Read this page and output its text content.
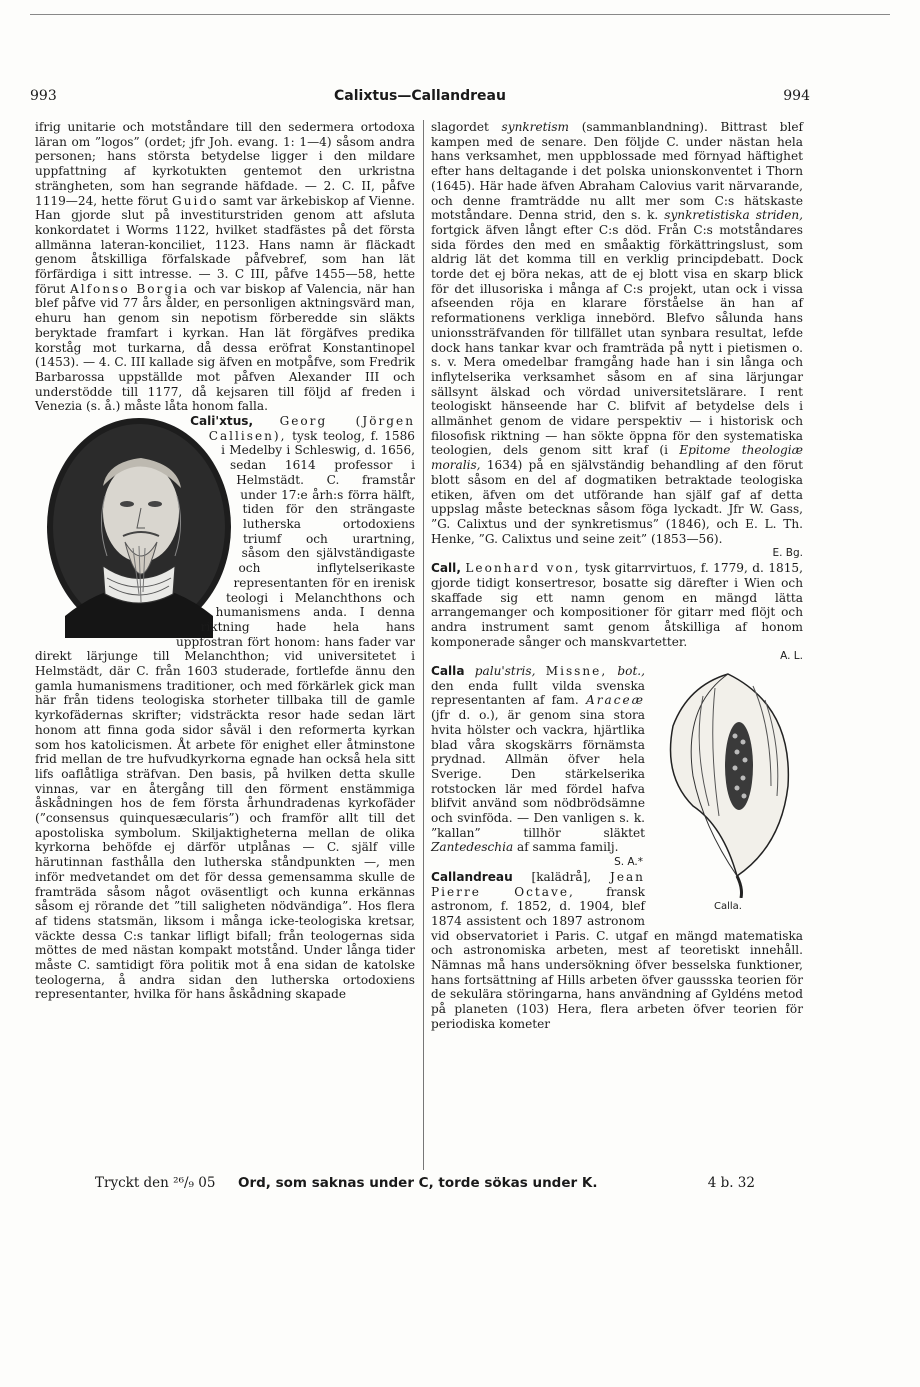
993	Calixtus—Callandreau	994

ifrig unitarie och motståndare till den sedermera ortodoxa läran om ”logos” (ordet; jfr Joh. evang. 1: 1—4) såsom andra personen; hans största betydelse ligger i den mildare uppfattning af kyrkotukten gentemot den urkristna strängheten, som han segrande häfdade. — 2. C. II, påfve 1119—24, hette förut Guido samt var ärkebiskop af Vienne. Han gjorde slut på investiturstriden genom att afsluta konkordatet i Worms 1122, hvilket stadfästes på det första allmänna lateran-konciliet, 1123. Hans namn är fläckadt genom åtskilliga förfalskade påfvebref, som han lät förfärdiga i sitt intresse. — 3. C III, påfve 1455—58, hette förut Alfonso Borgia och var biskop af Valencia, när han blef påfve vid 77 års ålder, en personligen aktningsvärd man, ehuru han genom sin nepotism förberedde sin släkts beryktade framfart i kyrkan. Han lät förgäfves predika korståg mot turkarna, då dessa eröfrat Konstantinopel (1453). — 4. C. III kallade sig äfven en motpåfve, som Fredrik Barbarossa uppställde mot påfven Alexander III och understödde till 1177, då kejsaren till följd af freden i Venezia (s. å.) måste låta honom falla.

Cali'xtus, Georg (Jörgen Callisen), tysk teolog, f. 1586 i Medelby i Schleswig, d. 1656, sedan 1614 professor i Helmstädt. C. framstår under 17:e årh:s förra hälft, tiden för den strängaste lutherska ortodoxiens triumf och urartning, såsom den självständigaste och inflytelserikaste representanten för en irenisk teologi i Melanchthons och humanismens anda. I denna riktning hade hela hans uppfostran fört honom: hans fader var direkt lärjunge till Melanchthon; vid universitetet i Helmstädt, där C. från 1603 studerade, fortlefde ännu den gamla humanismens traditioner, och med förkärlek gick man här från tidens teologiska storheter tillbaka till de gamle kyrkofädernas skrifter; vidsträckta resor hade sedan lärt honom att finna goda sidor såväl i den reformerta kyrkan som hos katolicismen. Åt arbete för enighet eller åtminstone frid mellan de tre hufvudkyrkorna egnade han också hela sitt lifs oaflåtliga sträfvan. Den basis, på hvilken detta skulle vinnas, var en återgång till den förment enstämmiga åskådningen hos de fem första århundradenas kyrkofäder (”consensus quinquesæcularis”) och framför allt till det apostoliska symbolum. Skiljaktigheterna mellan de olika kyrkorna behöfde ej därför utplånas — C. själf ville härutinnan fasthålla den lutherska ståndpunkten —, men inför medvetandet om det för dessa gemensamma skulle de framträda såsom något oväsentligt och kunna erkännas såsom ej rörande det ”till saligheten nödvändiga”. Hos flera af tidens statsmän, liksom i många icke-teologiska kretsar, väckte dessa C:s tankar lifligt bifall; från teologernas sida möttes de med nästan kompakt motstånd. Under långa tider måste C. samtidigt föra politik mot å ena sidan de katolske teologerna, å andra sidan den lutherska ortodoxiens representanter, hvilka för hans åskådning skapade

slagordet synkretism (sammanblandning). Bittrast blef kampen med de senare. Den följde C. under nästan hela hans verksamhet, men uppblossade med förnyad häftighet efter hans deltagande i det polska unionskonventet i Thorn (1645). Här hade äfven Abraham Calovius varit närvarande, och denne framträdde nu allt mer som C:s hätskaste motståndare. Denna strid, den s. k. synkretistiska striden, fortgick äfven långt efter C:s död. Från C:s motståndares sida fördes den med en småaktig förkättringslust, som aldrig lät det komma till en verklig principdebatt. Dock torde det ej böra nekas, att de ej blott visa en skarp blick för det illusoriska i många af C:s projekt, utan ock i vissa afseenden röja en klarare förståelse än han af reformationens verkliga innebörd. Blefvo sålunda hans unionssträfvanden för tillfället utan synbara resultat, lefde dock hans tankar kvar och framträda på nytt i pietismen o. s. v. Mera omedelbar framgång hade han i sin långa och inflytelserika verksamhet såsom en af sina lärjungar sällsynt älskad och vördad universitetslärare. I rent teologiskt hänseende har C. blifvit af betydelse dels i allmänhet genom de vidare perspektiv — i historisk och filosofisk riktning — han sökte öppna för den systematiska teologien, dels genom sitt kraf (i Epitome theologiæ moralis, 1634) på en självständig behandling af den förut blott såsom en del af dogmatiken betraktade teologiska etiken, äfven om det utförande han själf gaf af detta uppslag måste betecknas såsom föga lyckadt. Jfr W. Gass, ”G. Calixtus und der synkretismus” (1846), och E. L. Th. Henke, ”G. Calixtus und seine zeit” (1853—56).

E. Bg.

Call, Leonhard von, tysk gitarrvirtuos, f. 1779, d. 1815, gjorde tidigt konsertresor, bosatte sig därefter i Wien och skaffade sig ett namn genom en mängd lätta arrangemanger och kompositioner för gitarr med flöjt och andra instrument samt genom åtskilliga af honom komponerade sånger och manskvartetter.

A. L.

Calla.
Calla palu'stris, Missne, bot., den enda fullt vilda svenska representanten af fam. Araceæ (jfr d. o.), är genom sina stora hvita hölster och vackra, hjärtlika blad våra skogskärrs förnämsta prydnad. Allmän öfver hela Sverige. Den stärkelserika rotstocken lär med fördel hafva blifvit använd som nödbrödsämne och svinföda. — Den vanligen s. k. ”kallan” tillhör släktet Zantedeschia af samma familj.

S. A.*

Callandreau [kalädrå], Jean Pierre Octave,	fransk astronom, f. 1852, d. 1904, blef 1874 assistent och 1897 astronom vid observatoriet i Paris. C. utgaf en mängd matematiska och astronomiska arbeten, mest af teoretiskt innehåll. Nämnas må hans undersökning öfver besselska funktioner, hans fortsättning af Hills arbeten öfver gaussska teorien för de sekulära störingarna, hans användning af Gyldéns metod på planeten (103) Hera, flera arbeten öfver teorien för periodiska kometer

Tryckt den ²⁶/₉ 05 Ord, som saknas under C, torde sökas under K.	4 b. 32
